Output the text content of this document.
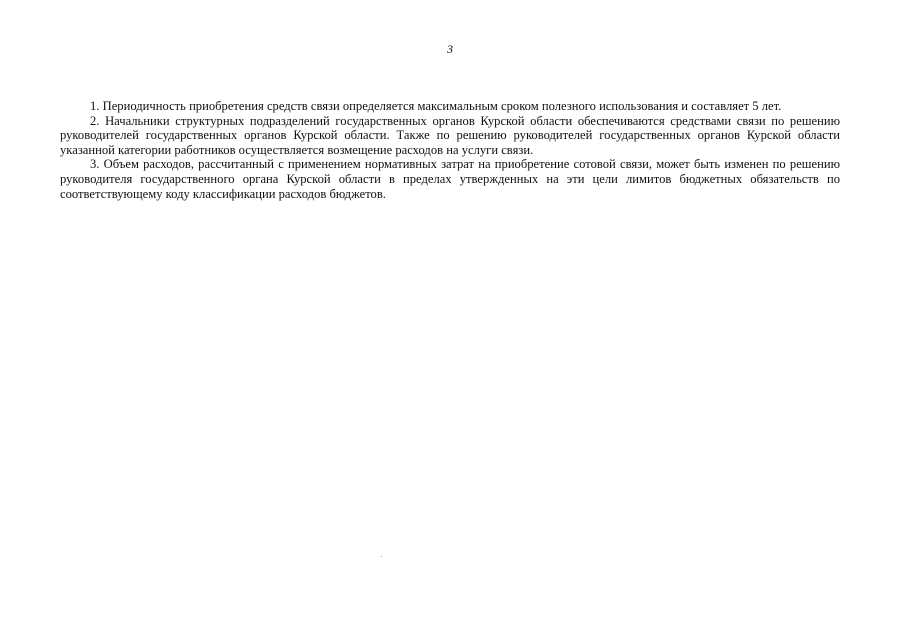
3

1. Периодичность приобретения средств связи определяется максимальным сроком полезного использования и составляет 5 лет.

2. Начальники структурных подразделений государственных органов Курской области обеспечиваются средствами связи по решению руководителей государственных органов Курской области. Также по решению руководителей государственных органов Курской области указанной категории работников осуществляется возмещение расходов на услуги связи.

3. Объем расходов, рассчитанный с применением нормативных затрат на приобретение сотовой связи, может быть изменен по решению руководителя государственного органа Курской области в пределах утвержденных на эти цели лимитов бюджетных обязательств по соответствующему коду классификации расходов бюджетов.
